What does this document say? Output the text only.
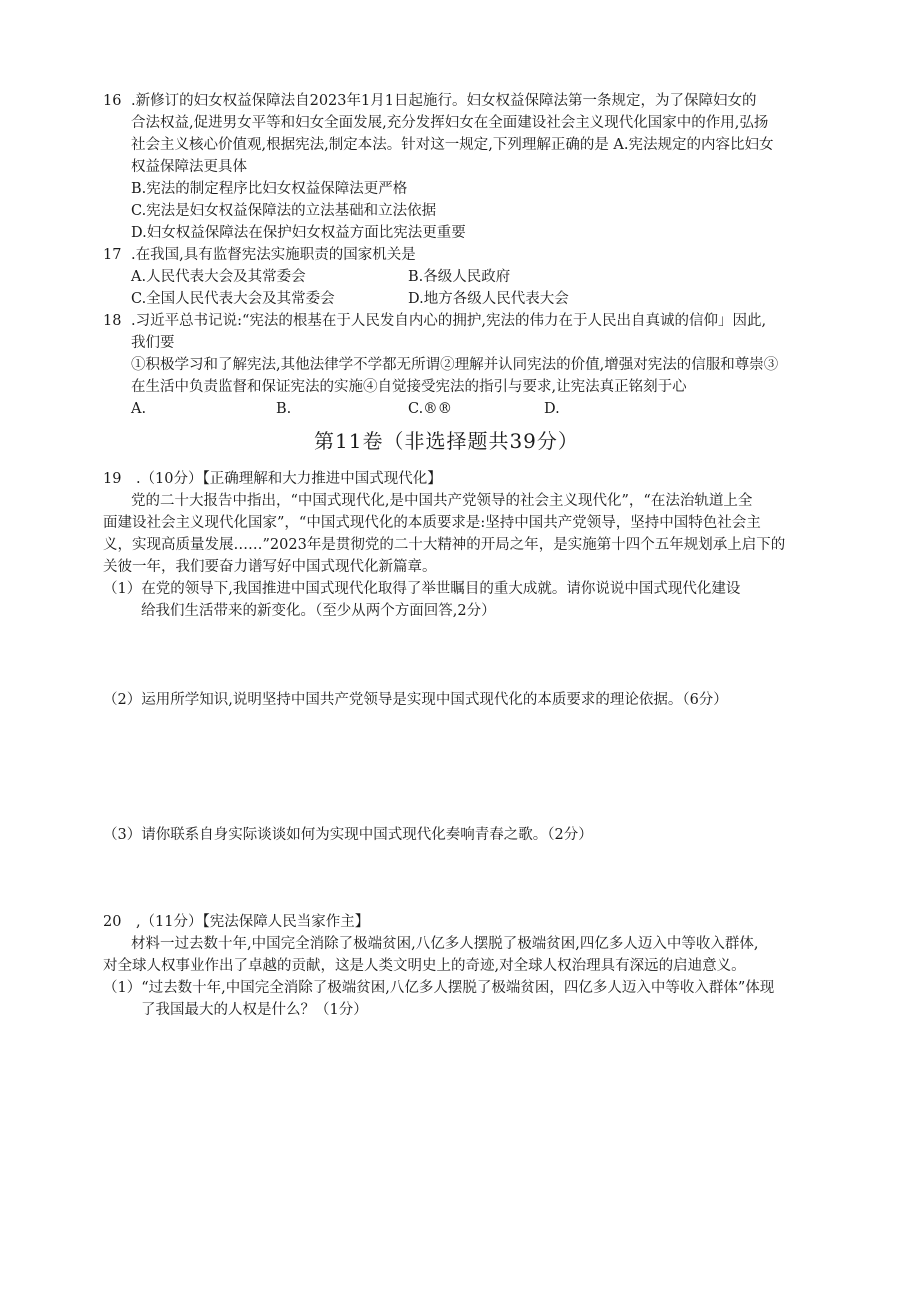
16 .新修订的妇女权益保障法自2023年1月1日起施行。妇女权益保障法第一条规定，为了保障妇女的
合法权益,促进男女平等和妇女全面发展,充分发挥妇女在全面建设社会主义现代化国家中的作用,弘扬
社会主义核心价值观,根据宪法,制定本法。针对这一规定,下列理解正确的是 A.宪法规定的内容比妇女
权益保障法更具体
B.宪法的制定程序比妇女权益保障法更严格
C.宪法是妇女权益保障法的立法基础和立法依据
D.妇女权益保障法在保护妇女权益方面比宪法更重要
17 .在我国,具有监督宪法实施职责的国家机关是
A.人民代表大会及其常委会	B.各级人民政府
C.全国人民代表大会及其常委会	D.地方各级人民代表大会
18 .习近平总书记说:“宪法的根基在于人民发自内心的拥护,宪法的伟力在于人民出自真诚的信仰」因此,
我们要
①积极学习和了解宪法,其他法律学不学都无所谓②理解并认同宪法的价值,增强对宪法的信服和尊崇③
在生活中负责监督和保证宪法的实施④自觉接受宪法的指引与要求,让宪法真正铭刻于心
A.	B.	C.®®	D.
第11卷（非选择题共39分）
19　.（10分）【正确理解和大力推进中国式现代化】
党的二十大报告中指出，“中国式现代化,是中国共产党领导的社会主义现代化”，“在法治轨道上全
面建设社会主义现代化国家”，“中国式现代化的本质要求是:坚持中国共产党领导，坚持中国特色社会主
义，实现高质量发展……”2023年是贯彻党的二十大精神的开局之年，是实施第十四个五年规划承上启下的
关彼一年，我们要奋力谱写好中国式现代化新篇章。
（1）在党的领导下,我国推进中国式现代化取得了举世瞩目的重大成就。请你说说中国式现代化建设
给我们生活带来的新变化。（至少从两个方面回答,2分）
（2）运用所学知识,说明坚持中国共产党领导是实现中国式现代化的本质要求的理论依据。（6分）
（3）请你联系自身实际谈谈如何为实现中国式现代化奏响青春之歌。（2分）
20　,（11分）【宪法保障人民当家作主】
材料一过去数十年,中国完全消除了极端贫困,八亿多人摆脱了极端贫困,四亿多人迈入中等收入群体,
对全球人权事业作出了卓越的贡献，这是人类文明史上的奇迹,对全球人权治理具有深远的启迪意义。
（1）“过去数十年,中国完全消除了极端贫困,八亿多人摆脱了极端贫困，四亿多人迈入中等收入群体”体现
了我国最大的人权是什么？（1分）
